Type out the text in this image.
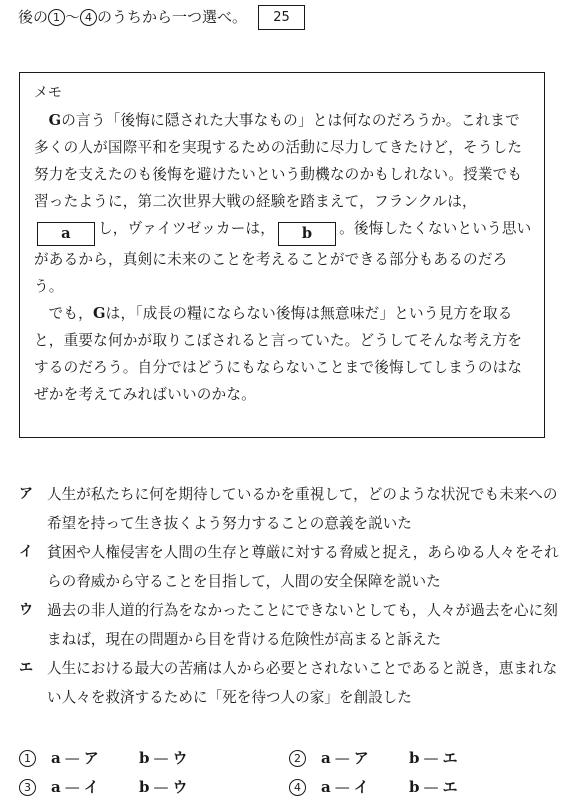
後の 1 ～ 4 のうちから一つ選べ。	25
メモ

Gの言う「後悔に隠された大事なもの」とは何なのだろうか。これまで多くの人が国際平和を実現するための活動に尽力してきたけど，そうした努力を支えたのも後悔を避けたいという動機なのかもしれない。授業でも習ったように，第二次世界大戦の経験を踏まえて，フランクルは，
a し，ヴァイツゼッカーは， b 。後悔したくないという思いがあるから，真剣に未来のことを考えることができる部分もあるのだろう。

でも，Gは，「成長の糧にならない後悔は無意味だ」という見方を取ると，重要な何かが取りこぼされると言っていた。どうしてそんな考え方をするのだろう。自分ではどうにもならないことまで後悔してしまうのはなぜかを考えてみればいいのかな。

ア 人生が私たちに何を期待しているかを重視して，どのような状況でも未来への希望を持って生き抜くよう努力することの意義を説いた
イ 貧困や人権侵害を人間の生存と尊厳に対する脅威と捉え，あらゆる人々をそれらの脅威から守ることを目指して，人間の安全保障を説いた
ウ 過去の非人道的行為をなかったことにできないとしても，人々が過去を心に刻まねば，現在の問題から目を背ける危険性が高まると訴えた
エ 人生における最大の苦痛は人から必要とされないことであると説き，恵まれない人々を救済するために「死を待つ人の家」を創設した
1	a — ア	b — ウ	2	a — ア	b — エ
3	a — イ	b — ウ	4	a — イ	b — エ
